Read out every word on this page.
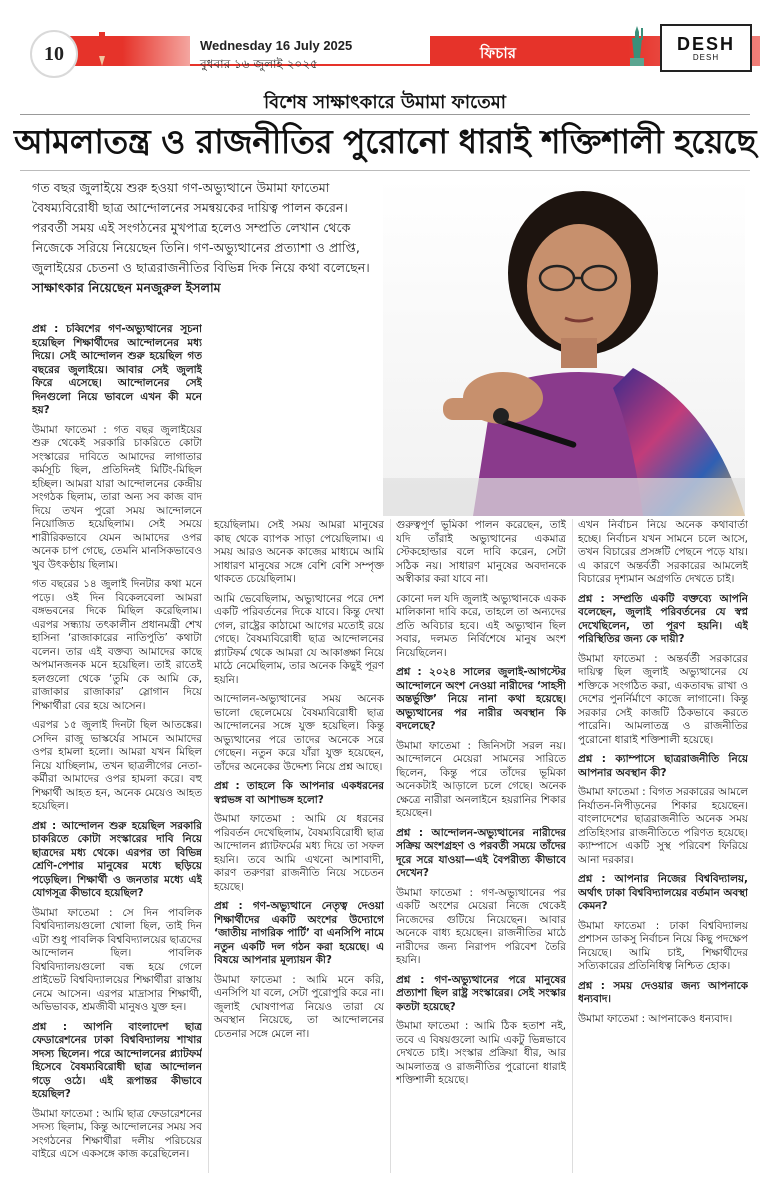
10	Wednesday 16 July 2025
বুধবার ১৬ জুলাই ২০২৫
ফিচার	DESH
DESH
বিশেষ সাক্ষাৎকারে উমামা ফাতেমা
আমলাতন্ত্র ও রাজনীতির পুরোনো ধারাই শক্তিশালী হয়েছে
গত বছর জুলাইয়ে শুরু হওয়া গণ-অভ্যুত্থানে উমামা ফাতেমা বৈষম্যবিরোধী ছাত্র আন্দোলনের সমন্বয়কের দায়িত্ব পালন করেন। পরবর্তী সময় এই সংগঠনের মুখপাত্র হলেও সম্প্রতি লেখান থেকে নিজেকে সরিয়ে নিয়েছেন তিনি। গণ-অভ্যুত্থানের প্রত্যাশা ও প্রাপ্তি, জুলাইয়ের চেতনা ও ছাত্ররাজনীতির বিভিন্ন দিক নিয়ে কথা বলেছেন। সাক্ষাৎকার নিয়েছেন মনজুরুল ইসলাম

প্রশ্ন : চব্বিশের গণ-অভ্যুত্থানের সূচনা হয়েছিল শিক্ষার্থীদের আন্দোলনের মধ্য দিয়ে। সেই আন্দোলন শুরু হয়েছিল গত বছরের জুলাইয়ে। আবার সেই জুলাই ফিরে এসেছে। আন্দোলনের সেই দিনগুলো নিয়ে ভাবলে এখন কী মনে হয়?

উমামা ফাতেমা : গত বছর জুলাইয়ের শুরু থেকেই সরকারি চাকরিতে কোটা সংস্কারের দাবিতে আমাদের লাগাতার কর্মসূচি ছিল, প্রতিদিনই মিটিং-মিছিল হচ্ছিল। আমরা যারা আন্দোলনের কেন্দ্রীয় সংগঠক ছিলাম, তারা অন্য সব কাজ বাদ দিয়ে তখন পুরো সময় আন্দোলনে নিয়োজিত হয়েছিলাম। সেই সময়ে শারীরিকভাবে যেমন আমাদের ওপর অনেক চাপ গেছে, তেমনি মানসিকভাবেও খুব উৎকণ্ঠায় ছিলাম।

গত বছরের ১৪ জুলাই দিনটার কথা মনে পড়ে। ওই দিন বিকেলবেলা আমরা বঙ্গভবনের দিকে মিছিল করেছিলাম। এরপর সন্ধ্যায় তৎকালীন প্রধানমন্ত্রী শেখ হাসিনা ‘রাজাকারের নাতিপুতি’ কথাটা বলেন। তার এই বক্তব্য আমাদের কাছে অপমানজনক মনে হয়েছিল। তাই রাতেই হলগুলো থেকে ‘তুমি কে আমি কে, রাজাকার রাজাকার’ স্লোগান দিয়ে শিক্ষার্থীরা বের হয়ে আসেন।

এরপর ১৫ জুলাই দিনটা ছিল আতঙ্কের। সেদিন রাজু ভাস্কর্যের সামনে আমাদের ওপর হামলা হলো। আমরা যখন মিছিল নিয়ে যাচ্ছিলাম, তখন ছাত্রলীগের নেতা-কর্মীরা আমাদের ওপর হামলা করে। বহু শিক্ষার্থী আহত হন, অনেক মেয়েও আহত হয়েছিল।

প্রশ্ন : আন্দোলন শুরু হয়েছিল সরকারি চাকরিতে কোটা সংস্কারের দাবি নিয়ে ছাত্রদের মধ্য থেকে। এরপর তা বিভিন্ন শ্রেণি-পেশার মানুষের মধ্যে ছড়িয়ে পড়েছিল। শিক্ষার্থী ও জনতার মধ্যে এই যোগসূত্র কীভাবে হয়েছিল?

উমামা ফাতেমা : সে দিন পাবলিক বিশ্ববিদ্যালয়গুলো খোলা ছিল, তাই দিন এটা শুধু পাবলিক বিশ্ববিদ্যালয়ের ছাত্রদের আন্দোলন ছিল। পাবলিক বিশ্ববিদ্যালয়গুলো বন্ধ হয়ে গেলে প্রাইভেট বিশ্ববিদ্যালয়ের শিক্ষার্থীরা রাস্তায় নেমে আসেন। এরপর মাদ্রাসার শিক্ষার্থী, অভিভাবক, শ্রমজীবী মানুষও যুক্ত হন।

প্রশ্ন : আপনি বাংলাদেশ ছাত্র ফেডারেশনের ঢাকা বিশ্ববিদ্যালয় শাখার সদস্য ছিলেন। পরে আন্দোলনের প্ল্যাটফর্ম হিসেবে বৈষম্যবিরোধী ছাত্র আন্দোলন গড়ে ওঠে। এই রূপান্তর কীভাবে হয়েছিল?

উমামা ফাতেমা : আমি ছাত্র ফেডারেশনের সদস্য ছিলাম, কিন্তু আন্দোলনের সময় সব সংগঠনের শিক্ষার্থীরা দলীয় পরিচয়ের বাইরে এসে একসঙ্গে কাজ করেছিলেন।

হয়েছিলাম। সেই সময় আমরা মানুষের কাছ থেকে ব্যাপক সাড়া পেয়েছিলাম। এ সময় আরও অনেক কাজের মাধ্যমে আমি সাধারণ মানুষের সঙ্গে বেশি বেশি সম্পৃক্ত থাকতে চেয়েছিলাম।

আমি ভেবেছিলাম, অভ্যুত্থানের পরে দেশ একটি পরিবর্তনের দিকে যাবে। কিন্তু দেখা গেল, রাষ্ট্রের কাঠামো আগের মতোই রয়ে গেছে। বৈষম্যবিরোধী ছাত্র আন্দোলনের প্ল্যাটফর্ম থেকে আমরা যে আকাঙ্ক্ষা নিয়ে মাঠে নেমেছিলাম, তার অনেক কিছুই পূরণ হয়নি।

আন্দোলন-অভ্যুত্থানের সময় অনেক ভালো ছেলেমেয়ে বৈষম্যবিরোধী ছাত্র আন্দোলনের সঙ্গে যুক্ত হয়েছিল। কিন্তু অভ্যুত্থানের পরে তাদের অনেকে সরে গেছেন। নতুন করে যাঁরা যুক্ত হয়েছেন, তাঁদের অনেকের উদ্দেশ্য নিয়ে প্রশ্ন আছে।

প্রশ্ন : তাহলে কি আপনার একধরনের স্বপ্নভঙ্গ বা আশাভঙ্গ হলো?

উমামা ফাতেমা : আমি যে ধরনের পরিবর্তন দেখেছিলাম, বৈষম্যবিরোধী ছাত্র আন্দোলন প্ল্যাটফর্মের মধ্য দিয়ে তা সফল হয়নি। তবে আমি এখনো আশাবাদী, কারণ তরুণরা রাজনীতি নিয়ে সচেতন হয়েছে।

প্রশ্ন : গণ-অভ্যুত্থানে নেতৃত্ব দেওয়া শিক্ষার্থীদের একটি অংশের উদ্যোগে ‘জাতীয় নাগরিক পার্টি’ বা এনসিপি নামে নতুন একটি দল গঠন করা হয়েছে। এ বিষয়ে আপনার মূল্যায়ন কী?

উমামা ফাতেমা : আমি মনে করি, এনসিপি যা বলে, সেটা পুরোপুরি করে না। জুলাই ঘোষণাপত্র নিয়েও তারা যে অবস্থান নিয়েছে, তা আন্দোলনের চেতনার সঙ্গে মেলে না।

গুরুত্বপূর্ণ ভূমিকা পালন করেছেন, তাই যদি তাঁরাই অভ্যুত্থানের একমাত্র স্টেকহোল্ডার বলে দাবি করেন, সেটা সঠিক নয়। সাধারণ মানুষের অবদানকে অস্বীকার করা যাবে না।

কোনো দল যদি জুলাই অভ্যুত্থানকে একক মালিকানা দাবি করে, তাহলে তা অন্যদের প্রতি অবিচার হবে। এই অভ্যুত্থান ছিল সবার, দলমত নির্বিশেষে মানুষ অংশ নিয়েছিলেন।

প্রশ্ন : ২০২৪ সালের জুলাই-আগস্টের আন্দোলনে অংশ নেওয়া নারীদের ‘সাহসী অন্তর্ভুক্তি’ নিয়ে নানা কথা হয়েছে। অভ্যুত্থানের পর নারীর অবস্থান কি বদলেছে?

উমামা ফাতেমা : জিনিসটা সরল নয়। আন্দোলনে মেয়েরা সামনের সারিতে ছিলেন, কিন্তু পরে তাঁদের ভূমিকা অনেকটাই আড়ালে চলে গেছে। অনেক ক্ষেত্রে নারীরা অনলাইনে হয়রানির শিকার হয়েছেন।

প্রশ্ন : আন্দোলন-অভ্যুত্থানের নারীদের সক্রিয় অংশগ্রহণ ও পরবর্তী সময়ে তাঁদের দূরে সরে যাওয়া—এই বৈপরীত্য কীভাবে দেখেন?

উমামা ফাতেমা : গণ-অভ্যুত্থানের পর একটি অংশের মেয়েরা নিজে থেকেই নিজেদের গুটিয়ে নিয়েছেন। আবার অনেকে বাধ্য হয়েছেন। রাজনীতির মাঠে নারীদের জন্য নিরাপদ পরিবেশ তৈরি হয়নি।

প্রশ্ন : গণ-অভ্যুত্থানের পরে মানুষের প্রত্যাশা ছিল রাষ্ট্র সংস্কারের। সেই সংস্কার কতটা হয়েছে?

উমামা ফাতেমা : আমি ঠিক হতাশ নই, তবে এ বিষয়গুলো আমি একটু ভিন্নভাবে দেখতে চাই। সংস্কার প্রক্রিয়া ধীর, আর আমলাতন্ত্র ও রাজনীতির পুরোনো ধারাই শক্তিশালী হয়েছে।

এখন নির্বাচন নিয়ে অনেক কথাবার্তা হচ্ছে। নির্বাচন যখন সামনে চলে আসে, তখন বিচারের প্রসঙ্গটি পেছনে পড়ে যায়। এ কারণে অন্তর্বর্তী সরকারের আমলেই বিচারের দৃশ্যমান অগ্রগতি দেখতে চাই।

প্রশ্ন : সম্প্রতি একটি বক্তব্যে আপনি বলেছেন, জুলাই পরিবর্তনের যে স্বপ্ন দেখেছিলেন, তা পূরণ হয়নি। এই পরিস্থিতির জন্য কে দায়ী?

উমামা ফাতেমা : অন্তর্বর্তী সরকারের দায়িত্ব ছিল জুলাই অভ্যুত্থানের যে শক্তিকে সংগঠিত করা, একতাবদ্ধ রাখা ও দেশের পুনর্নির্মাণে কাজে লাগানো। কিন্তু সরকার সেই কাজটি ঠিকভাবে করতে পারেনি। আমলাতন্ত্র ও রাজনীতির পুরোনো ধারাই শক্তিশালী হয়েছে।

প্রশ্ন : ক্যাম্পাসে ছাত্ররাজনীতি নিয়ে আপনার অবস্থান কী?

উমামা ফাতেমা : বিগত সরকারের আমলে নির্যাতন-নিপীড়নের শিকার হয়েছেন। বাংলাদেশের ছাত্ররাজনীতি অনেক সময় প্রতিহিংসার রাজনীতিতে পরিণত হয়েছে। ক্যাম্পাসে একটি সুস্থ পরিবেশ ফিরিয়ে আনা দরকার।

প্রশ্ন : আপনার নিজের বিশ্ববিদ্যালয়, অর্থাৎ ঢাকা বিশ্ববিদ্যালয়ের বর্তমান অবস্থা কেমন?

উমামা ফাতেমা : ঢাকা বিশ্ববিদ্যালয় প্রশাসন ডাকসু নির্বাচন নিয়ে কিছু পদক্ষেপ নিয়েছে। আমি চাই, শিক্ষার্থীদের সত্যিকারের প্রতিনিধিত্ব নিশ্চিত হোক।

প্রশ্ন : সময় দেওয়ার জন্য আপনাকে ধন্যবাদ।

উমামা ফাতেমা : আপনাকেও ধন্যবাদ।
